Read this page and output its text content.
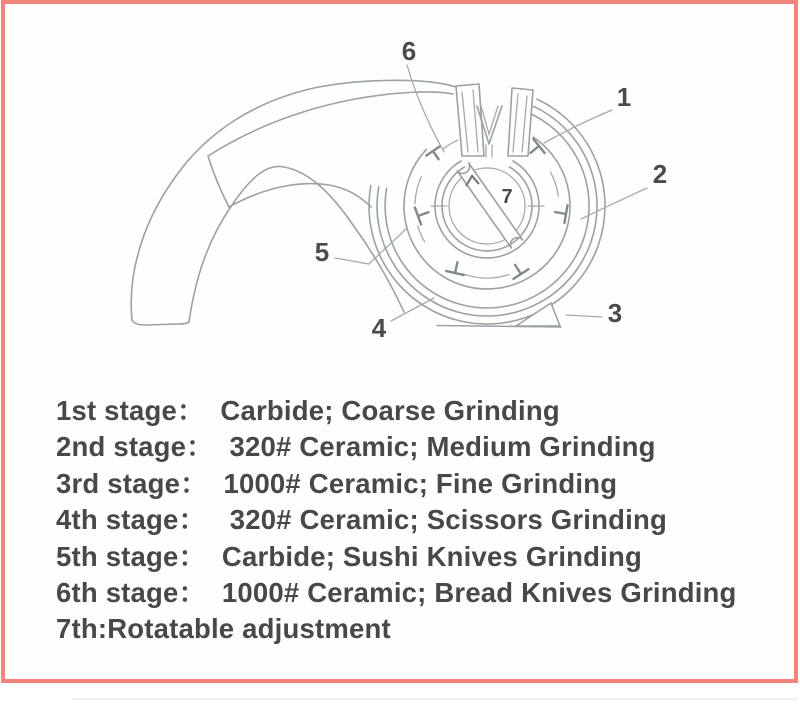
1
2
3
4
5
6
7
1st stage：  Carbide; Coarse Grinding
2nd stage：  320# Ceramic; Medium Grinding
3rd stage：  1000# Ceramic; Fine Grinding
4th stage：   320# Ceramic; Scissors Grinding
5th stage：  Carbide; Sushi Knives Grinding
6th stage：  1000# Ceramic; Bread Knives Grinding
7th:Rotatable adjustment
